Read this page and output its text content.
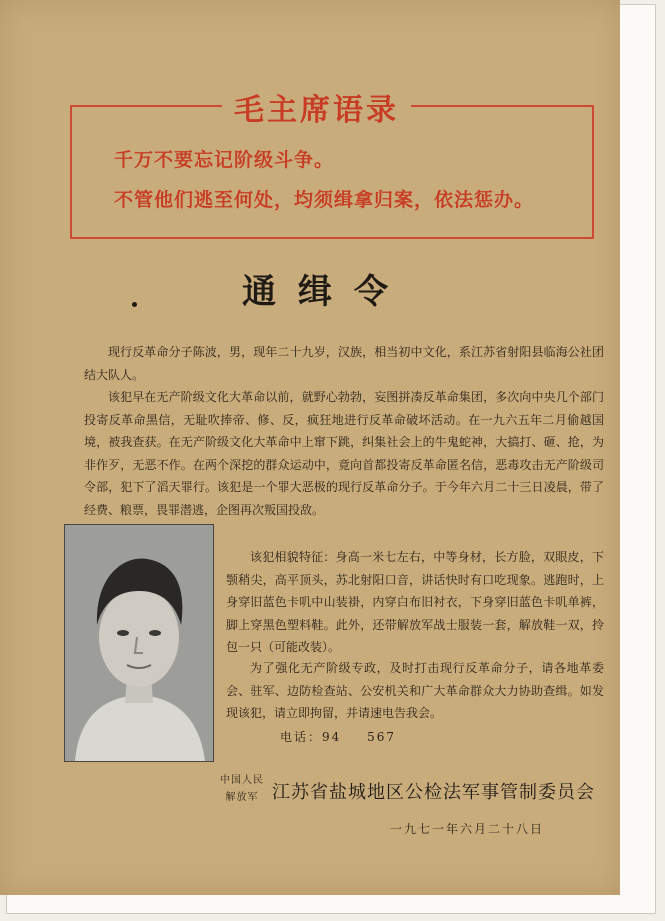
毛主席语录
千万不要忘记阶级斗争。
不管他们逃至何处，均须缉拿归案，依法惩办。
通缉令

现行反革命分子陈波，男，现年二十九岁，汉族，相当初中文化，系江苏省射阳县临海公社团结大队人。

该犯早在无产阶级文化大革命以前，就野心勃勃，妄图拼凑反革命集团，多次向中央几个部门投寄反革命黑信，无耻吹捧帝、修、反，疯狂地进行反革命破坏活动。在一九六五年二月偷越国境，被我查获。在无产阶级文化大革命中上窜下跳，纠集社会上的牛鬼蛇神，大搞打、砸、抢，为非作歹，无恶不作。在两个深挖的群众运动中，竟向首都投寄反革命匿名信，恶毒攻击无产阶级司令部，犯下了滔天罪行。该犯是一个罪大恶极的现行反革命分子。于今年六月二十三日凌晨，带了经费、粮票，畏罪潜逃，企图再次叛国投敌。

该犯相貌特征：身高一米七左右，中等身材，长方脸，双眼皮，下颚稍尖，高平顶头，苏北射阳口音，讲话快时有口吃现象。逃跑时，上身穿旧蓝色卡叽中山装褂，内穿白布旧衬衣，下身穿旧蓝色卡叽单裤，脚上穿黑色塑料鞋。此外，还带解放军战士服装一套，解放鞋一双，拎包一只（可能改装）。

为了强化无产阶级专政，及时打击现行反革命分子，请各地革委会、驻军、边防检查站、公安机关和广大革命群众大力协助查缉。如发现该犯，请立即拘留，并请速电告我会。

电话：94 567
中国人民解放军 江苏省盐城地区公检法军事管制委员会
一九七一年六月二十八日
